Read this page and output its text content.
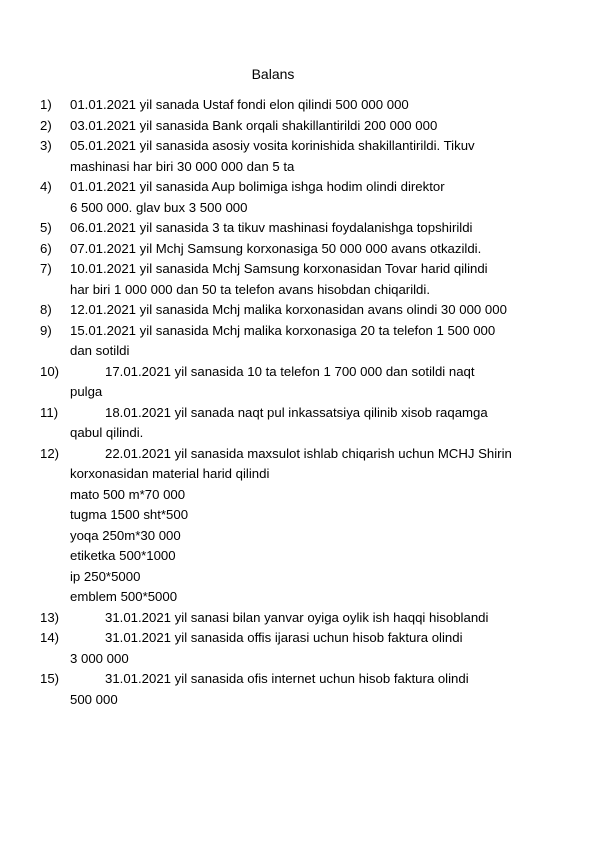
Balans
1) 01.01.2021 yil sanada Ustaf fondi elon qilindi 500 000 000
2) 03.01.2021 yil sanasida Bank orqali shakillantirildi 200 000 000
3) 05.01.2021 yil sanasida asosiy vosita korinishida shakillantirildi. Tikuv
mashinasi har biri 30 000 000 dan 5 ta
4) 01.01.2021 yil sanasida Aup bolimiga ishga hodim olindi direktor
6 500 000. glav bux 3 500 000
5) 06.01.2021 yil sanasida 3 ta tikuv mashinasi foydalanishga topshirildi
6) 07.01.2021 yil Mchj Samsung korxonasiga 50 000 000 avans otkazildi.
7) 10.01.2021 yil sanasida Mchj Samsung korxonasidan Tovar harid qilindi
har biri 1 000 000 dan 50 ta telefon avans hisobdan chiqarildi.
8) 12.01.2021 yil sanasida Mchj malika korxonasidan avans olindi 30 000 000
9) 15.01.2021 yil sanasida Mchj malika korxonasiga 20 ta telefon 1 500 000
dan sotildi
10)	17.01.2021 yil sanasida 10 ta telefon 1 700 000 dan sotildi naqt
pulga
11)	18.01.2021 yil sanada naqt pul inkassatsiya qilinib xisob raqamga
qabul qilindi.
12)	22.01.2021 yil sanasida maxsulot ishlab chiqarish uchun MCHJ Shirin
korxonasidan material harid qilindi
mato 500 m*70 000
tugma 1500 sht*500
yoqa 250m*30 000
etiketka 500*1000
ip 250*5000
emblem 500*5000
13)	31.01.2021 yil sanasi bilan yanvar oyiga oylik ish haqqi hisoblandi
14)	31.01.2021 yil sanasida offis ijarasi uchun hisob faktura olindi
3 000 000
15)	31.01.2021 yil sanasida ofis internet uchun hisob faktura olindi
500 000
